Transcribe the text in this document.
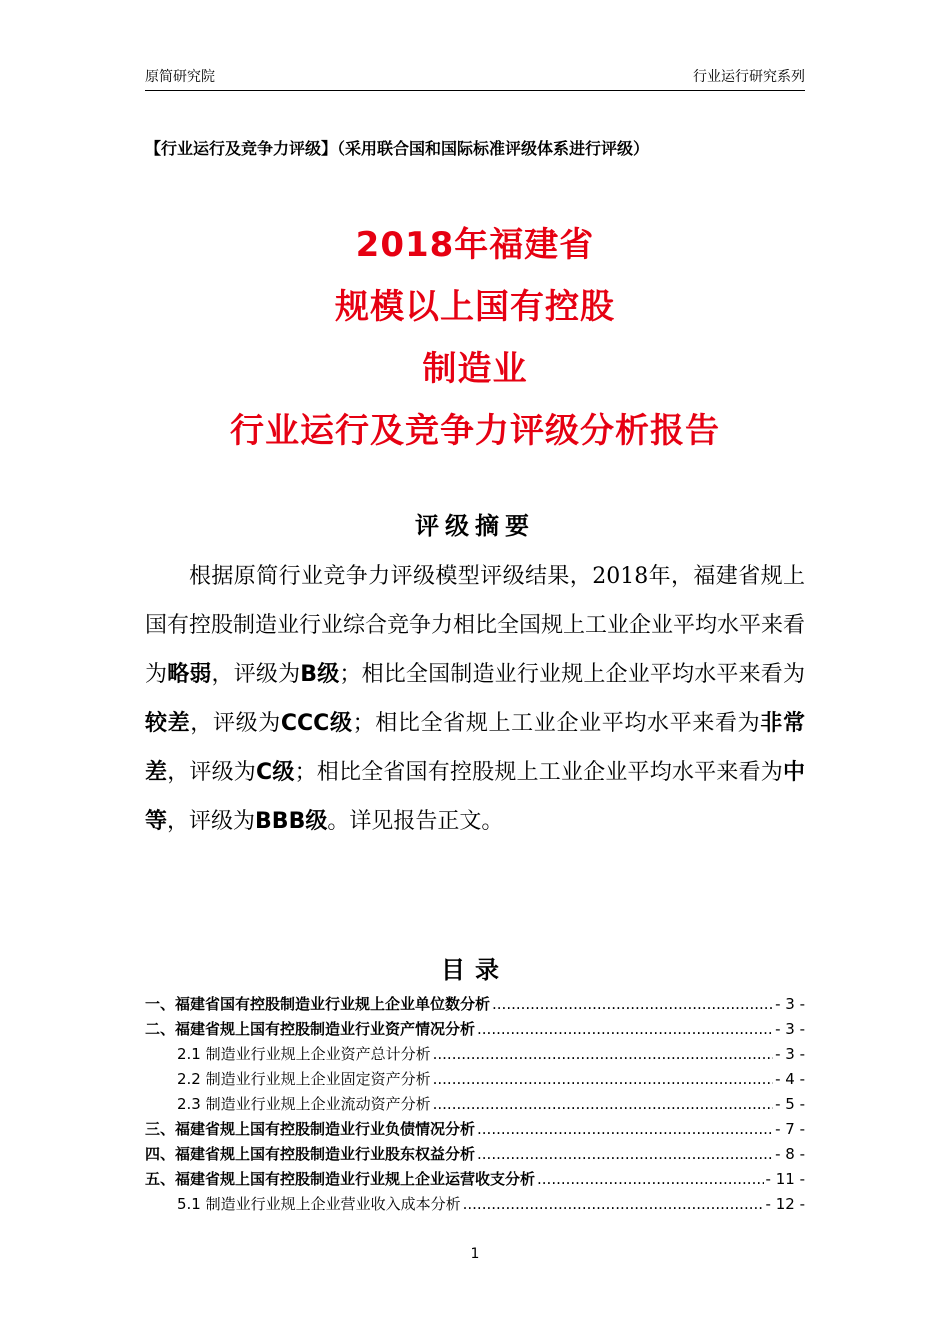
原简研究院	行业运行研究系列
【行业运行及竞争力评级】（采用联合国和国际标准评级体系进行评级）
2018年福建省
规模以上国有控股
制造业
行业运行及竞争力评级分析报告
评级摘要
根据原简行业竞争力评级模型评级结果，2018年，福建省规上国有控股制造业行业综合竞争力相比全国规上工业企业平均水平来看为略弱，评级为B级；相比全国制造业行业规上企业平均水平来看为较差，评级为CCC级；相比全省规上工业企业平均水平来看为非常差，评级为C级；相比全省国有控股规上工业企业平均水平来看为中等，评级为BBB级。详见报告正文。
目录
一、福建省国有控股制造业行业规上企业单位数分析 .....	- 3 -
二、福建省规上国有控股制造业行业资产情况分析 .....	- 3 -
2.1 制造业行业规上企业资产总计分析 .....	- 3 -
2.2 制造业行业规上企业固定资产分析 .....	- 4 -
2.3 制造业行业规上企业流动资产分析 .....	- 5 -
三、福建省规上国有控股制造业行业负债情况分析 .....	- 7 -
四、福建省规上国有控股制造业行业股东权益分析 .....	- 8 -
五、福建省规上国有控股制造业行业规上企业运营收支分析 .....	- 11 -
5.1 制造业行业规上企业营业收入成本分析 .....	- 12 -
1
